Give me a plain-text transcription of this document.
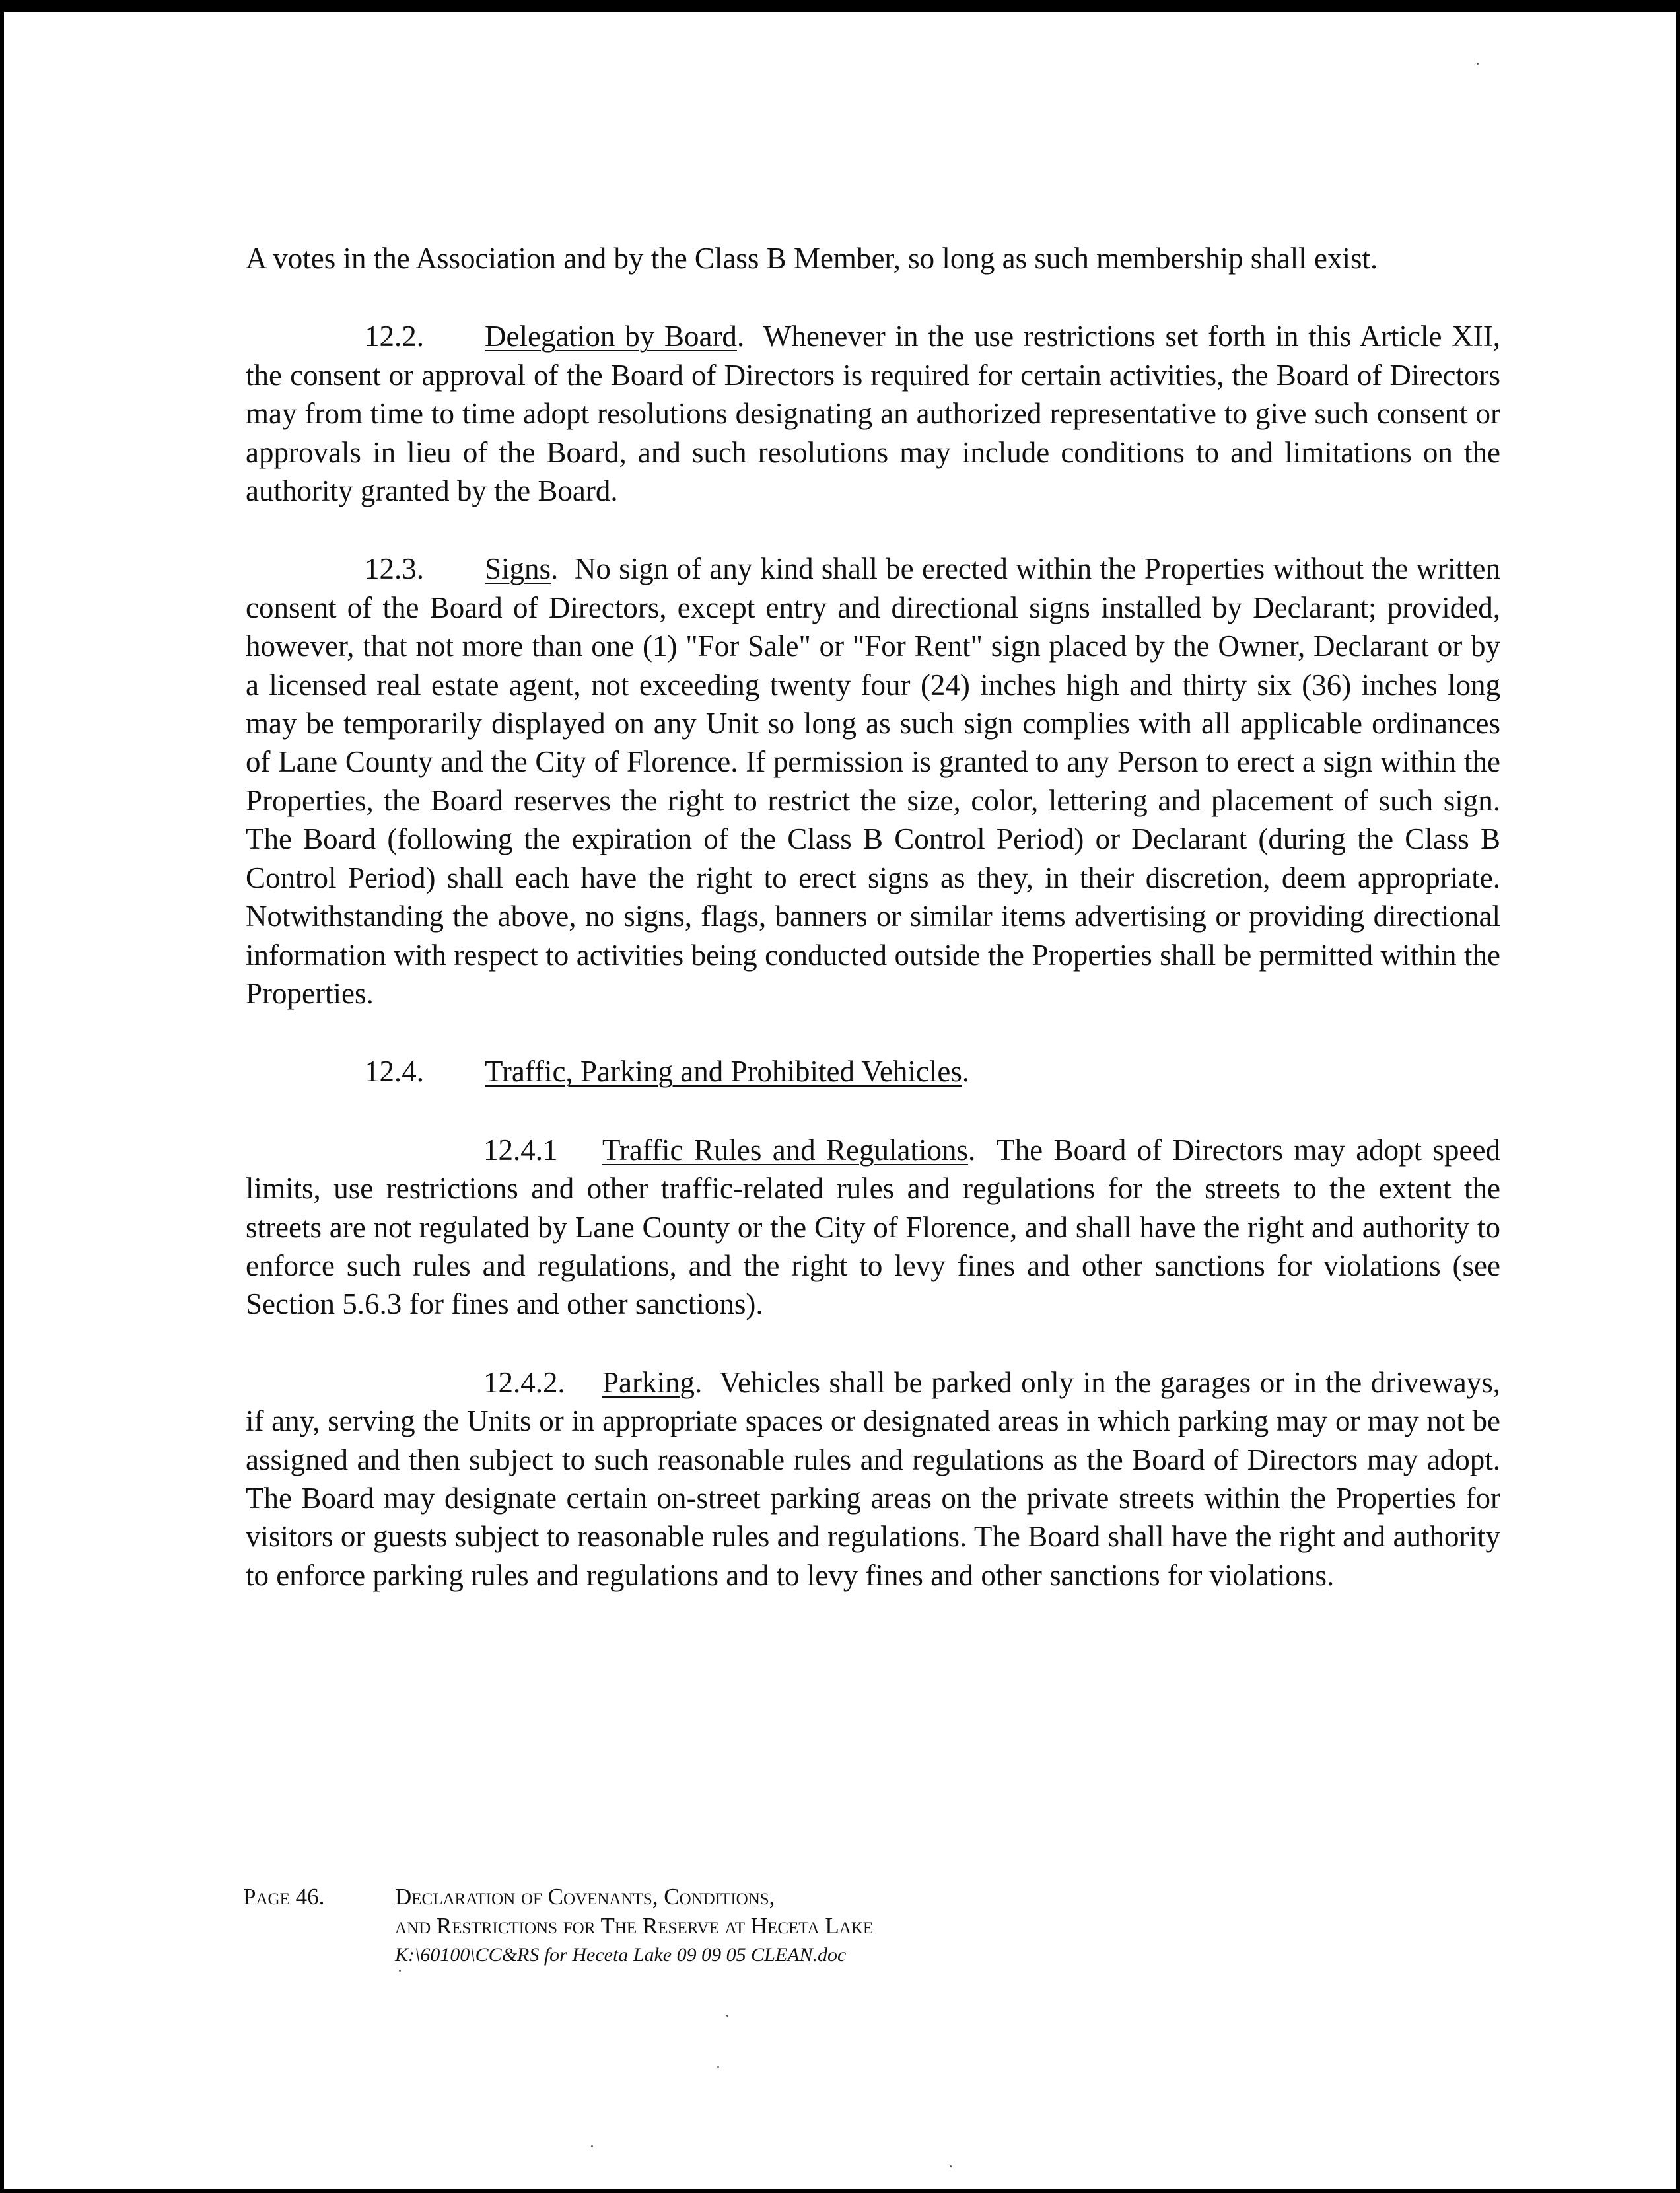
A votes in the Association and by the Class B Member, so long as such membership shall exist.

12.2. Delegation by Board.  Whenever in the use restrictions set forth in this Article XII, the consent or approval of the Board of Directors is required for certain activities, the Board of Directors may from time to time adopt resolutions designating an authorized representative to give such consent or approvals in lieu of the Board, and such resolutions may include conditions to and limitations on the authority granted by the Board.

12.3. Signs.  No sign of any kind shall be erected within the Properties without the written consent of the Board of Directors, except entry and directional signs installed by Declarant; provided, however, that not more than one (1) "For Sale" or "For Rent" sign placed by the Owner, Declarant or by a licensed real estate agent, not exceeding twenty four (24) inches high and thirty six (36) inches long may be temporarily displayed on any Unit so long as such sign complies with all applicable ordinances of Lane County and the City of Florence. If permission is granted to any Person to erect a sign within the Properties, the Board reserves the right to restrict the size, color, lettering and placement of such sign. The Board (following the expiration of the Class B Control Period) or Declarant (during the Class B Control Period) shall each have the right to erect signs as they, in their discretion, deem appropriate. Notwithstanding the above, no signs, flags, banners or similar items advertising or providing directional information with respect to activities being conducted outside the Properties shall be permitted within the Properties.

12.4. Traffic, Parking and Prohibited Vehicles.

12.4.1 Traffic Rules and Regulations.  The Board of Directors may adopt speed limits, use restrictions and other traffic-related rules and regulations for the streets to the extent the streets are not regulated by Lane County or the City of Florence, and shall have the right and authority to enforce such rules and regulations, and the right to levy fines and other sanctions for violations (see Section 5.6.3 for fines and other sanctions).

12.4.2. Parking.  Vehicles shall be parked only in the garages or in the driveways, if any, serving the Units or in appropriate spaces or designated areas in which parking may or may not be assigned and then subject to such reasonable rules and regulations as the Board of Directors may adopt. The Board may designate certain on-street parking areas on the private streets within the Properties for visitors or guests subject to reasonable rules and regulations. The Board shall have the right and authority to enforce parking rules and regulations and to levy fines and other sanctions for violations.

Page 46.	Declaration of Covenants, Conditions,
and Restrictions for The Reserve at Heceta Lake
K:\60100\CC&RS for Heceta Lake 09 09 05 CLEAN.doc
